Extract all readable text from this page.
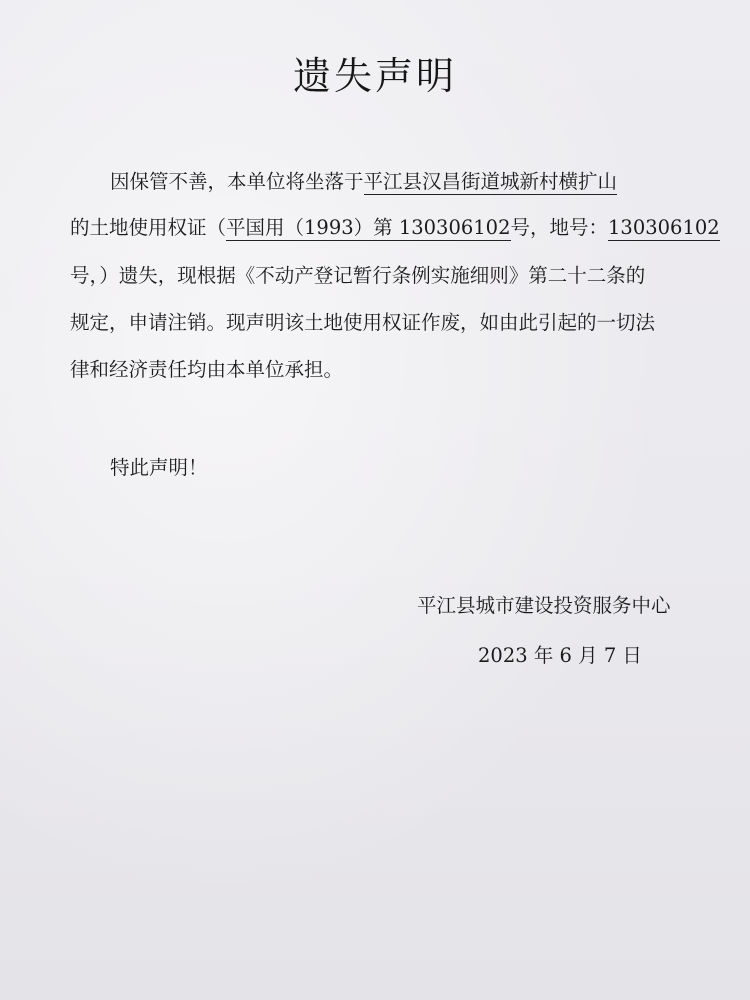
遗失声明
因保管不善，本单位将坐落于平江县汉昌街道城新村横扩山
的土地使用权证（平国用（1993）第 130306102号，地号：130306102
号，）遗失，现根据《不动产登记暂行条例实施细则》第二十二条的
规定，申请注销。现声明该土地使用权证作废，如由此引起的一切法
律和经济责任均由本单位承担。
特此声明！
平江县城市建设投资服务中心
2023 年 6 月 7 日
